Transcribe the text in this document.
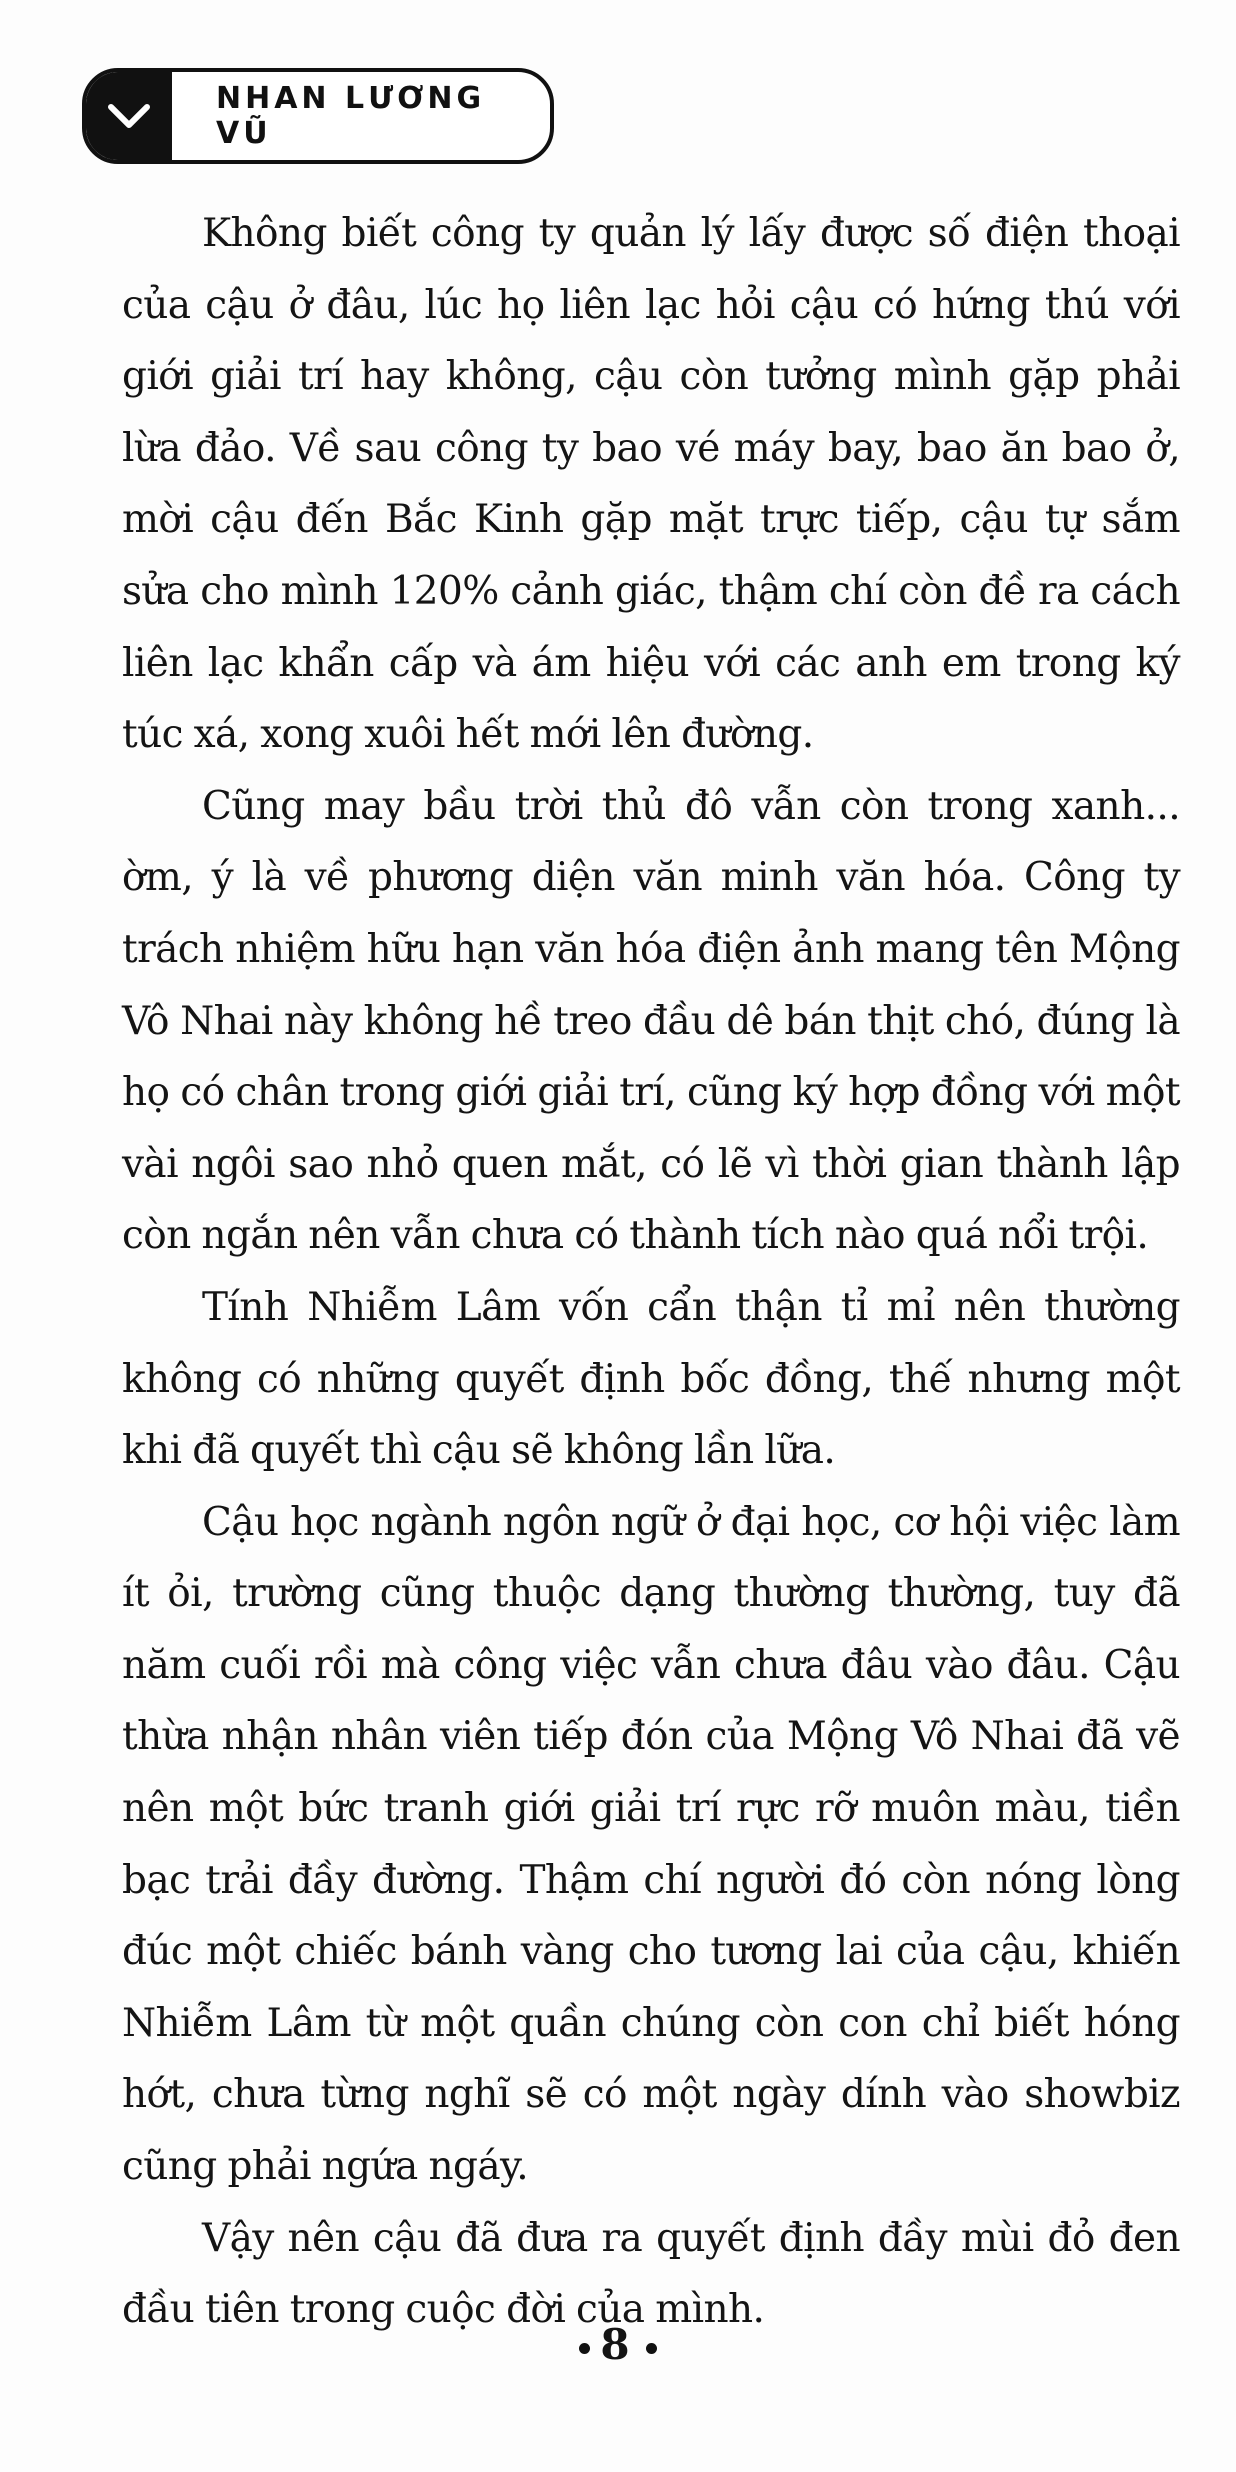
NHAN LƯƠNG VŨ

Không biết công ty quản lý lấy được số điện thoại của cậu ở đâu, lúc họ liên lạc hỏi cậu có hứng thú với giới giải trí hay không, cậu còn tưởng mình gặp phải lừa đảo. Về sau công ty bao vé máy bay, bao ăn bao ở, mời cậu đến Bắc Kinh gặp mặt trực tiếp, cậu tự sắm sửa cho mình 120% cảnh giác, thậm chí còn đề ra cách liên lạc khẩn cấp và ám hiệu với các anh em trong ký túc xá, xong xuôi hết mới lên đường.

Cũng may bầu trời thủ đô vẫn còn trong xanh... ờm, ý là về phương diện văn minh văn hóa. Công ty trách nhiệm hữu hạn văn hóa điện ảnh mang tên Mộng Vô Nhai này không hề treo đầu dê bán thịt chó, đúng là họ có chân trong giới giải trí, cũng ký hợp đồng với một vài ngôi sao nhỏ quen mắt, có lẽ vì thời gian thành lập còn ngắn nên vẫn chưa có thành tích nào quá nổi trội.

Tính Nhiễm Lâm vốn cẩn thận tỉ mỉ nên thường không có những quyết định bốc đồng, thế nhưng một khi đã quyết thì cậu sẽ không lần lữa.

Cậu học ngành ngôn ngữ ở đại học, cơ hội việc làm ít ỏi, trường cũng thuộc dạng thường thường, tuy đã năm cuối rồi mà công việc vẫn chưa đâu vào đâu. Cậu thừa nhận nhân viên tiếp đón của Mộng Vô Nhai đã vẽ nên một bức tranh giới giải trí rực rỡ muôn màu, tiền bạc trải đầy đường. Thậm chí người đó còn nóng lòng đúc một chiếc bánh vàng cho tương lai của cậu, khiến Nhiễm Lâm từ một quần chúng còn con chỉ biết hóng hớt, chưa từng nghĩ sẽ có một ngày dính vào showbiz cũng phải ngứa ngáy.

Vậy nên cậu đã đưa ra quyết định đầy mùi đỏ đen đầu tiên trong cuộc đời của mình.

8
